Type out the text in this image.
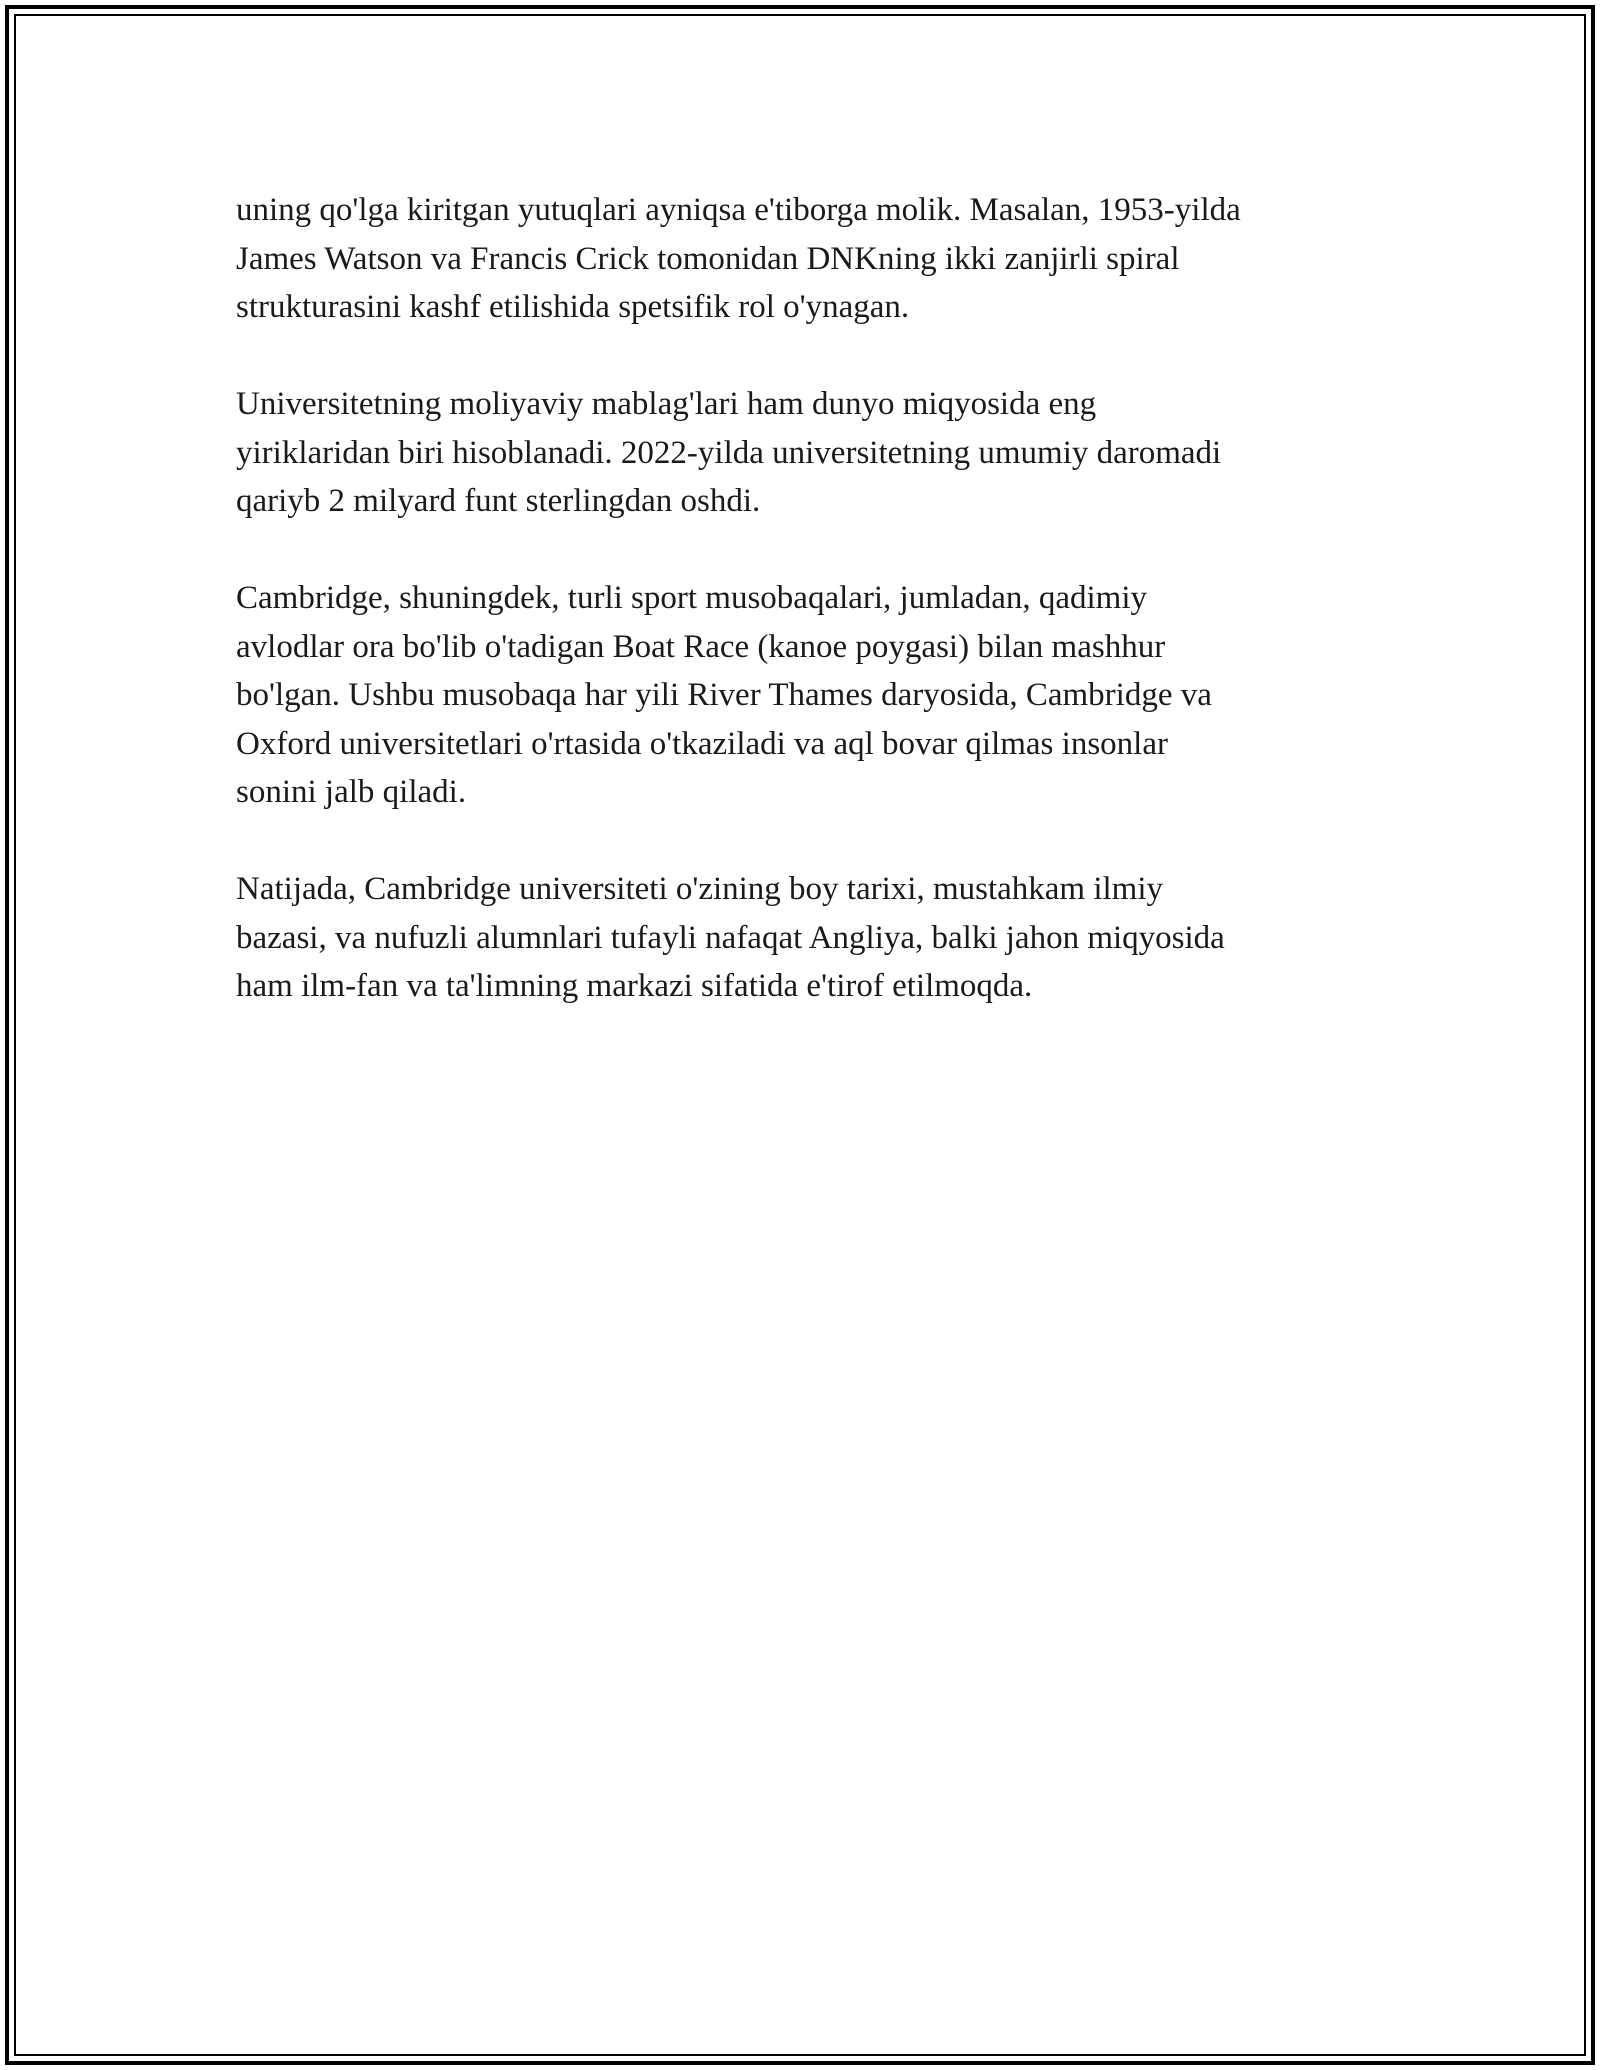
uning qo'lga kiritgan yutuqlari ayniqsa e'tiborga molik. Masalan, 1953-yilda
James Watson va Francis Crick tomonidan DNKning ikki zanjirli spiral
strukturasini kashf etilishida spetsifik rol o'ynagan.

Universitetning moliyaviy mablag'lari ham dunyo miqyosida eng
yiriklaridan biri hisoblanadi. 2022-yilda universitetning umumiy daromadi
qariyb 2 milyard funt sterlingdan oshdi.

Cambridge, shuningdek, turli sport musobaqalari, jumladan, qadimiy
avlodlar ora bo'lib o'tadigan Boat Race (kanoe poygasi) bilan mashhur
bo'lgan. Ushbu musobaqa har yili River Thames daryosida, Cambridge va
Oxford universitetlari o'rtasida o'tkaziladi va aql bovar qilmas insonlar
sonini jalb qiladi.

Natijada, Cambridge universiteti o'zining boy tarixi, mustahkam ilmiy
bazasi, va nufuzli alumnlari tufayli nafaqat Angliya, balki jahon miqyosida
ham ilm-fan va ta'limning markazi sifatida e'tirof etilmoqda.
